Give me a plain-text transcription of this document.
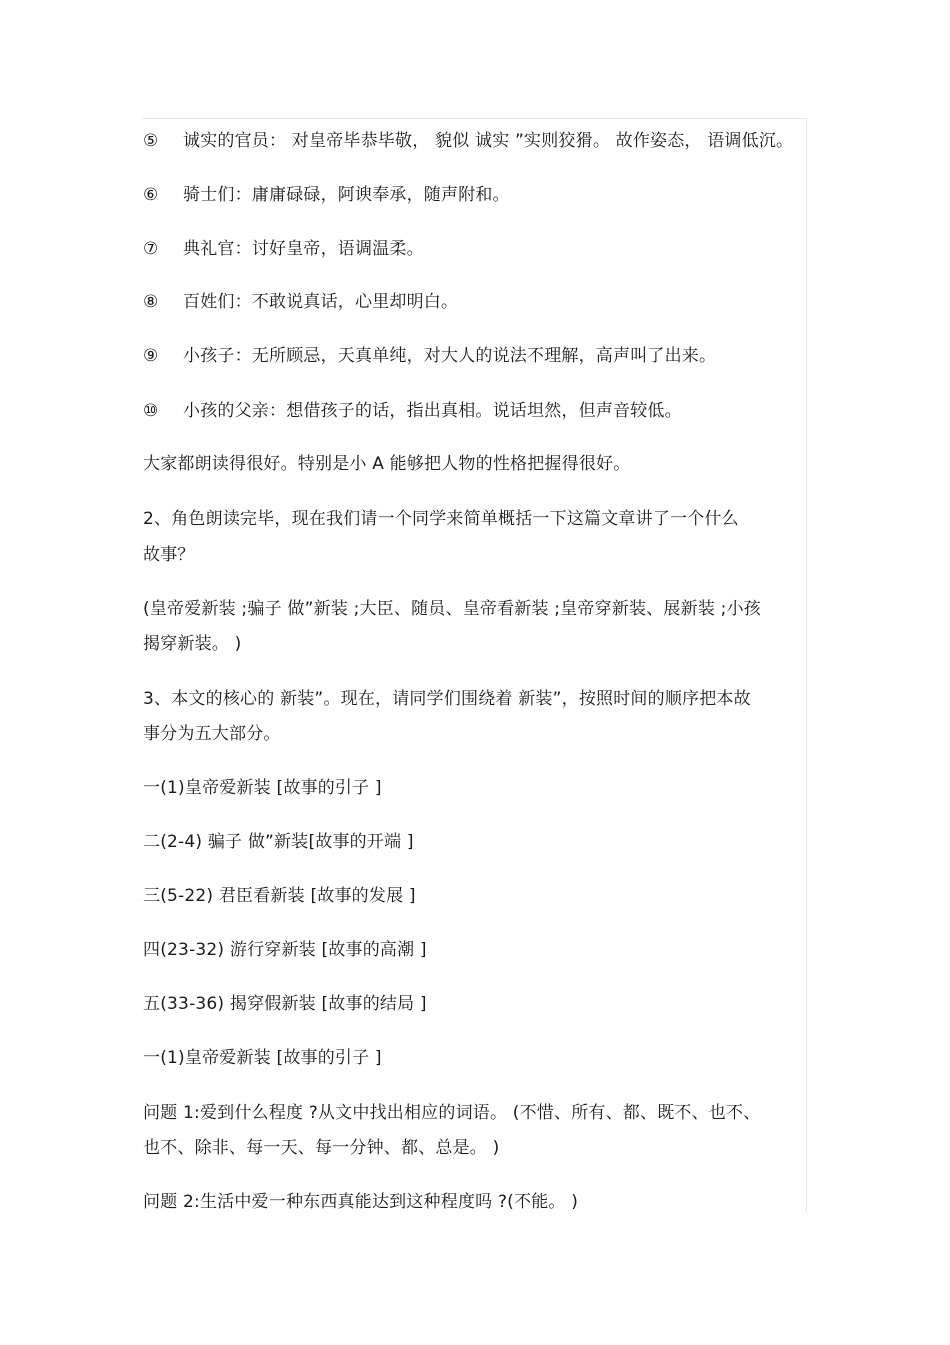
⑤ 诚实的官员： 对皇帝毕恭毕敬， 貌似 诚实 ”实则狡猾。 故作姿态， 语调低沉。
⑥ 骑士们：庸庸碌碌，阿谀奉承，随声附和。
⑦ 典礼官：讨好皇帝，语调温柔。
⑧ 百姓们：不敢说真话，心里却明白。
⑨ 小孩子：无所顾忌，天真单纯，对大人的说法不理解，高声叫了出来。
⑩ 小孩的父亲：想借孩子的话，指出真相。说话坦然，但声音较低。
大家都朗读得很好。特别是小 A 能够把人物的性格把握得很好。
2、角色朗读完毕，现在我们请一个同学来简单概括一下这篇文章讲了一个什么
故事？
(皇帝爱新装 ;骗子 做”新装 ;大臣、随员、皇帝看新装 ;皇帝穿新装、展新装 ;小孩
揭穿新装。 )
3、本文的核心的 新装”。现在，请同学们围绕着 新装”，按照时间的顺序把本故
事分为五大部分。
一(1)皇帝爱新装 [故事的引子 ]
二(2-4) 骗子 做”新装[故事的开端 ]
三(5-22) 君臣看新装 [故事的发展 ]
四(23-32) 游行穿新装 [故事的高潮 ]
五(33-36) 揭穿假新装 [故事的结局 ]
一(1)皇帝爱新装 [故事的引子 ]
问题 1:爱到什么程度 ?从文中找出相应的词语。 (不惜、所有、都、既不、也不、
也不、除非、每一天、每一分钟、都、总是。 )
问题 2:生活中爱一种东西真能达到这种程度吗 ?(不能。 )
